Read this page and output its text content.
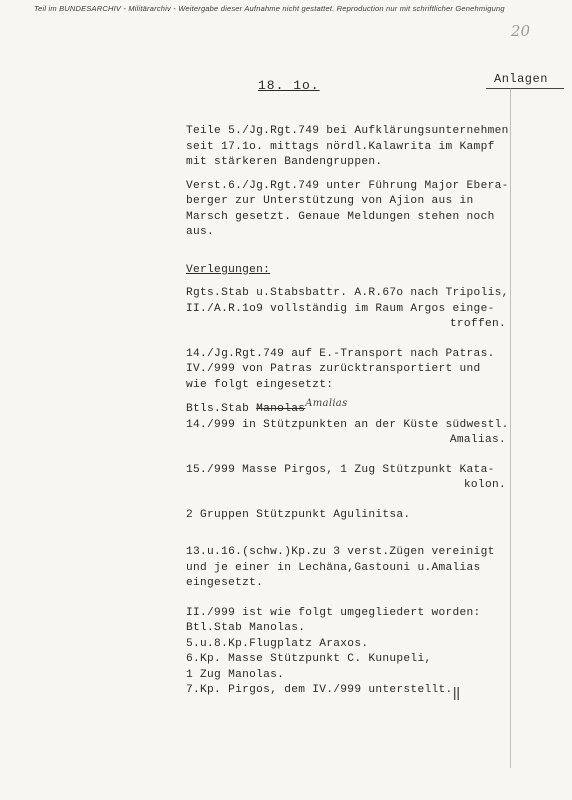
Teil im BUNDESARCHIV - Militärarchiv - Weitergabe dieser Aufnahme nicht gestattet. Reproduction nur mit schriftlicher Genehmigung
20
18. 1o.	Anlagen

Teile 5./Jg.Rgt.749 bei Aufklärungsunternehmen

seit 17.1o. mittags nördl.Kalawrita im Kampf

mit stärkeren Bandengruppen.

Verst.6./Jg.Rgt.749 unter Führung Major Ebera-

berger zur Unterstützung von Ajion aus in

Marsch gesetzt. Genaue Meldungen stehen noch

aus.

Verlegungen:

Rgts.Stab u.Stabsbattr. A.R.67o nach Tripolis,

II./A.R.1o9 vollständig im Raum Argos einge-

troffen.

14./Jg.Rgt.749 auf E.-Transport nach Patras.

IV./999 von Patras zurücktransportiert und

wie folgt eingesetzt:

Btls.Stab ManolasAmalias

14./999 in Stützpunkten an der Küste südwestl.

Amalias.

15./999 Masse Pirgos, 1 Zug Stützpunkt Kata-

kolon.

2 Gruppen Stützpunkt Agulinitsa.

13.u.16.(schw.)Kp.zu 3 verst.Zügen vereinigt

und je einer in Lechäna,Gastouni u.Amalias

eingesetzt.

II./999 ist wie folgt umgegliedert worden:

Btl.Stab Manolas.

5.u.8.Kp.Flugplatz Araxos.

6.Kp. Masse Stützpunkt C. Kunupeli,

1 Zug Manolas.

7.Kp. Pirgos, dem IV./999 unterstellt. ǁ
